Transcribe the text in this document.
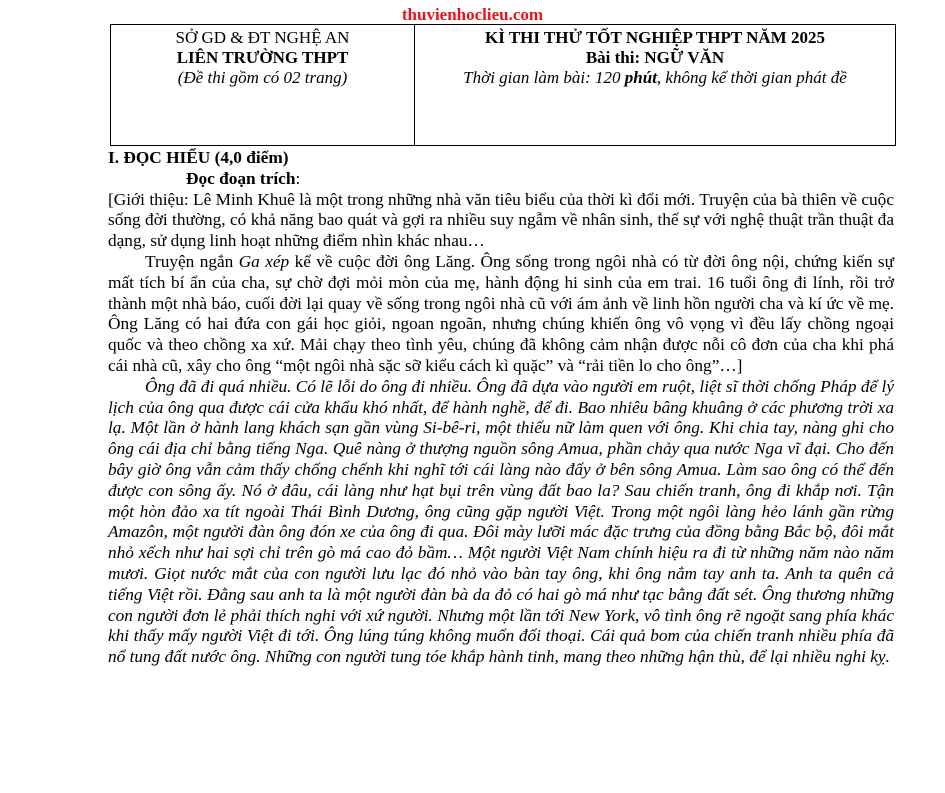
thuvienhoclieu.com
SỞ GD & ĐT NGHỆ AN
LIÊN TRƯỜNG THPT
(Đề thi gồm có 02 trang)

KÌ THI THỬ TỐT NGHIỆP THPT NĂM 2025
Bài thi: NGỮ VĂN
Thời gian làm bài: 120 phút, không kể thời gian phát đề

I. ĐỌC HIỂU (4,0 điểm)

Đọc đoạn trích:

[Giới thiệu: Lê Minh Khuê là một trong những nhà văn tiêu biểu của thời kì đổi mới. Truyện của bà thiên về cuộc sống đời thường, có khả năng bao quát và gợi ra nhiều suy ngẫm về nhân sinh, thế sự với nghệ thuật trần thuật đa dạng, sử dụng linh hoạt những điểm nhìn khác nhau…

Truyện ngắn Ga xép kể về cuộc đời ông Lăng. Ông sống trong ngôi nhà có từ đời ông nội, chứng kiến sự mất tích bí ẩn của cha, sự chờ đợi mỏi mòn của mẹ, hành động hi sinh của em trai. 16 tuổi ông đi lính, rồi trở thành một nhà báo, cuối đời lại quay về sống trong ngôi nhà cũ với ám ảnh về linh hồn người cha và kí ức về mẹ. Ông Lăng có hai đứa con gái học giỏi, ngoan ngoãn, nhưng chúng khiến ông vô vọng vì đều lấy chồng ngoại quốc và theo chồng xa xứ. Mải chạy theo tình yêu, chúng đã không cảm nhận được nỗi cô đơn của cha khi phá cái nhà cũ, xây cho ông “một ngôi nhà sặc sỡ kiểu cách kì quặc” và “rải tiền lo cho ông”…]

Ông đã đi quá nhiều. Có lẽ lỗi do ông đi nhiều. Ông đã dựa vào người em ruột, liệt sĩ thời chống Pháp để lý lịch của ông qua được cái cửa khẩu khó nhất, để hành nghề, để đi. Bao nhiêu bâng khuâng ở các phương trời xa lạ. Một lần ở hành lang khách sạn gần vùng Si-bê-ri, một thiếu nữ làm quen với ông. Khi chia tay, nàng ghi cho ông cái địa chỉ bằng tiếng Nga. Quê nàng ở thượng nguồn sông Amua, phần chảy qua nước Nga vĩ đại. Cho đến bây giờ ông vẫn cảm thấy chống chếnh khi nghĩ tới cái làng nào đấy ở bên sông Amua. Làm sao ông có thể đến được con sông ấy. Nó ở đâu, cái làng như hạt bụi trên vùng đất bao la? Sau chiến tranh, ông đi khắp nơi. Tận một hòn đảo xa tít ngoài Thái Bình Dương, ông cũng gặp người Việt. Trong một ngôi làng hẻo lánh gần rừng Amazôn, một người đàn ông đón xe của ông đi qua. Đôi mày lưỡi mác đặc trưng của đồng bằng Bắc bộ, đôi mắt nhỏ xếch như hai sợi chỉ trên gò má cao đỏ bầm… Một người Việt Nam chính hiệu ra đi từ những năm nào năm mươi. Giọt nước mắt của con người lưu lạc đó nhỏ vào bàn tay ông, khi ông nắm tay anh ta. Anh ta quên cả tiếng Việt rồi. Đằng sau anh ta là một người đàn bà da đỏ có hai gò má như tạc bằng đất sét. Ông thương những con người đơn lẻ phải thích nghi với xứ người. Nhưng một lần tới New York, vô tình ông rẽ ngoặt sang phía khác khi thấy mấy người Việt đi tới. Ông lúng túng không muốn đối thoại. Cái quả bom của chiến tranh nhiều phía đã nổ tung đất nước ông. Những con người tung tóe khắp hành tinh, mang theo những hận thù, để lại nhiều nghi kỵ.
